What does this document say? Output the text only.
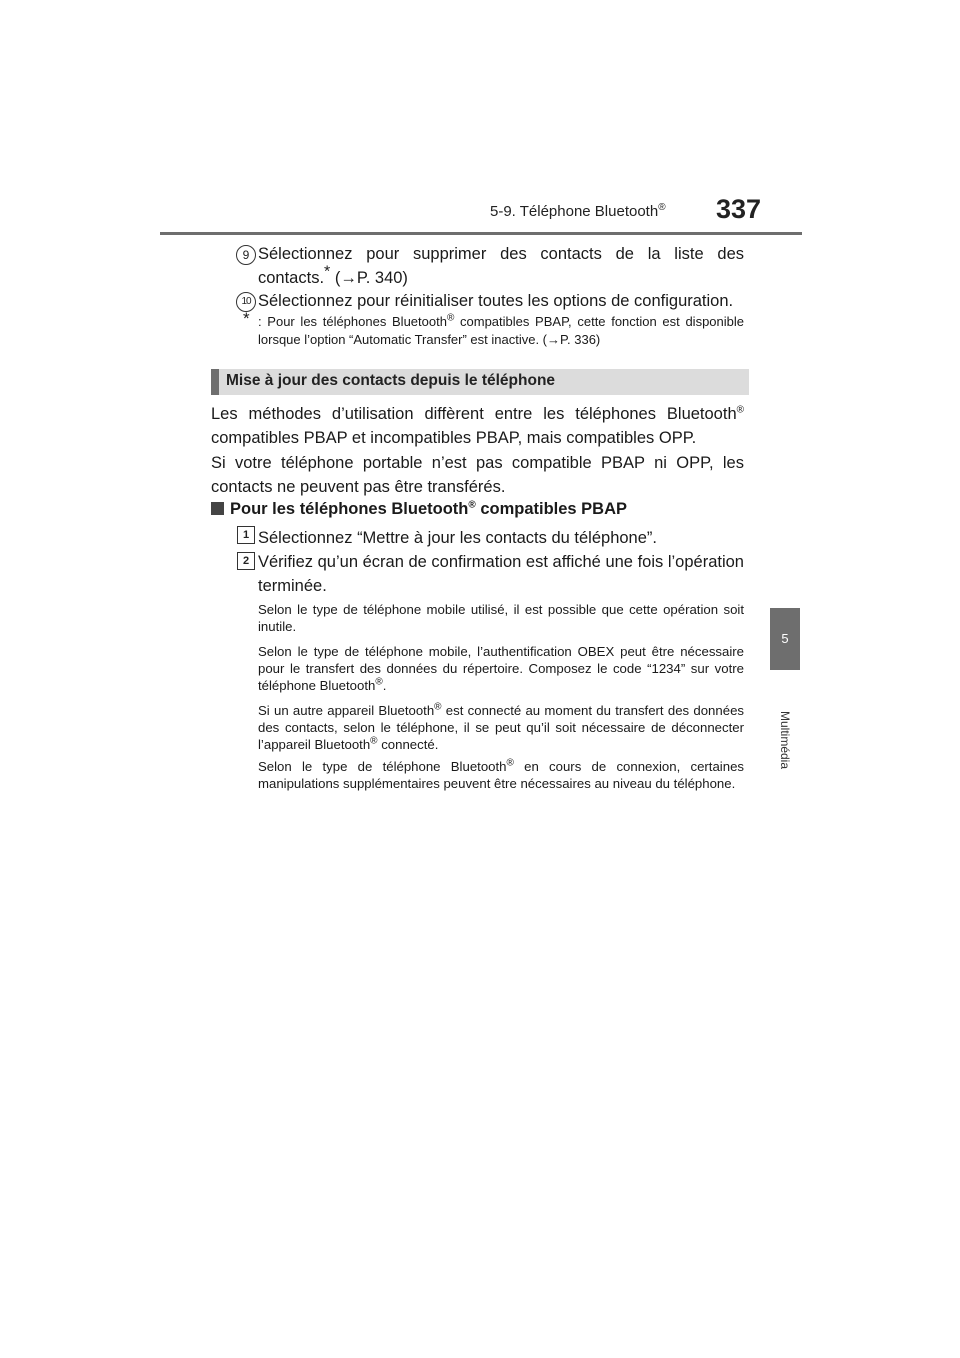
5-9. Téléphone Bluetooth® 337
5
Multimédia
9 Sélectionnez pour supprimer des contacts de la liste des
contacts.* (→P. 340)
10 Sélectionnez pour réinitialiser toutes les options de configuration.
* : Pour les téléphones Bluetooth® compatibles PBAP, cette fonction est disponible lorsque l’option “Automatic Transfer” est inactive. (→P. 336)
Mise à jour des contacts depuis le téléphone
Les méthodes d’utilisation diffèrent entre les téléphones Bluetooth® compatibles PBAP et incompatibles PBAP, mais compatibles OPP.
Si votre téléphone portable n’est pas compatible PBAP ni OPP, les contacts ne peuvent pas être transférés.
Pour les téléphones Bluetooth® compatibles PBAP
1 Sélectionnez “Mettre à jour les contacts du téléphone”.
2 Vérifiez qu’un écran de confirmation est affiché une fois l’opération terminée.
Selon le type de téléphone mobile utilisé, il est possible que cette opération soit inutile.
Selon le type de téléphone mobile, l’authentification OBEX peut être nécessaire pour le transfert des données du répertoire. Composez le code “1234” sur votre téléphone Bluetooth®.
Si un autre appareil Bluetooth® est connecté au moment du transfert des données des contacts, selon le téléphone, il se peut qu’il soit nécessaire de déconnecter l’appareil Bluetooth® connecté.
Selon le type de téléphone Bluetooth® en cours de connexion, certaines manipulations supplémentaires peuvent être nécessaires au niveau du téléphone.
